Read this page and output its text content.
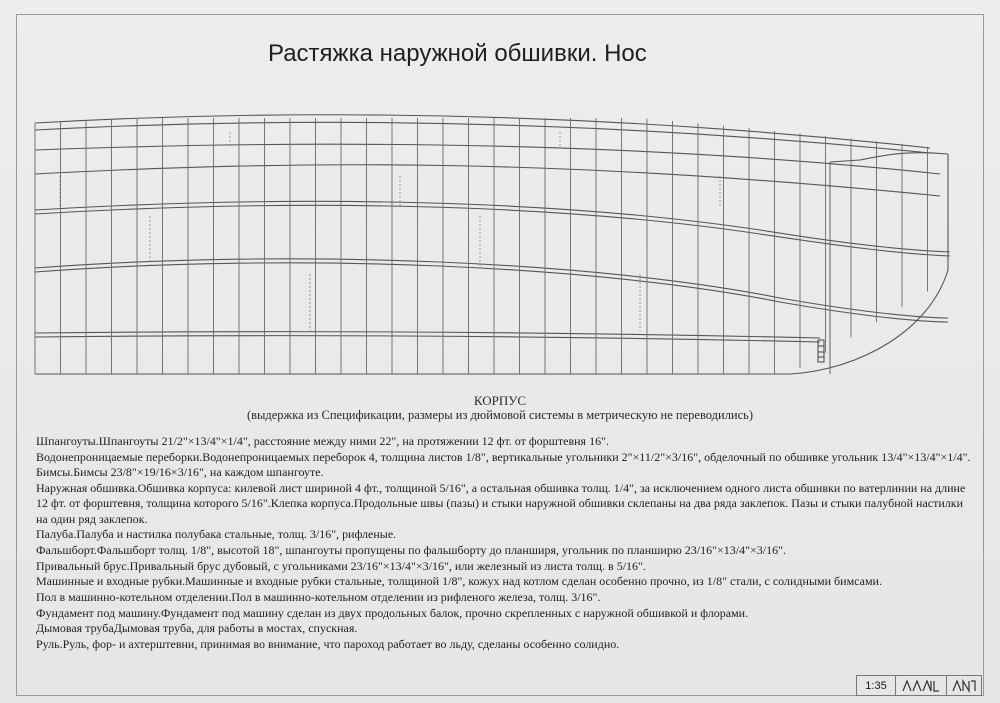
Растяжка наружной обшивки. Нос
КОРПУС
(выдержка из Спецификации, размеры из дюймовой системы в метрическую не переводились)
Шпангоуты.Шпангоуты 21/2"×13/4"×1/4", расстояние между ними 22", на протяжении 12 фт. от форштевня 16".
Водонепроницаемые переборки.Водонепроницаемых переборок 4, толщина листов 1/8", вертикальные угольники 2"×11/2"×3/16", обделочный по обшивке угольник 13/4"×13/4"×1/4".
Бимсы.Бимсы 23/8"×19/16×3/16", на каждом шпангоуте.
Наружная обшивка.Обшивка корпуса: килевой лист шириной 4 фт., толщиной 5/16", а остальная обшивка толщ. 1/4", за исключением одного листа обшивки по ватерлинии на длине 12 фт. от форштевня, толщина которого 5/16".Клепка корпуса.Продольные швы (пазы) и стыки наружной обшивки склепаны на два ряда заклепок. Пазы и стыки палубной настилки на один ряд заклепок.
Палуба.Палуба и настилка полубака стальные, толщ. 3/16", рифленые.
Фальшборт.Фальшборт толщ. 1/8", высотой 18", шпангоуты пропущены по фальшборту до планширя, угольник по планширю 23/16"×13/4"×3/16".
Привальный брус.Привальный брус дубовый, с угольниками 23/16"×13/4"×3/16", или железный из листа толщ. в 5/16".
Машинные и входные рубки.Машинные и входные рубки стальные, толщиной 1/8", кожух над котлом сделан особенно прочно, из 1/8" стали, с солидными бимсами.
Пол в машинно-котельном отделении.Пол в машинно-котельном отделении из рифленого железа, толщ. 3/16".
Фундамент под машину.Фундамент под машину сделан из двух продольных балок, прочно скрепленных с наружной обшивкой и флорами.
Дымовая трубаДымовая труба, для работы в мостах, спускная.
Руль.Руль, фор- и ахтерштевни, принимая во внимание, что пароход работает во льду, сделаны особенно солидно.
1:35
